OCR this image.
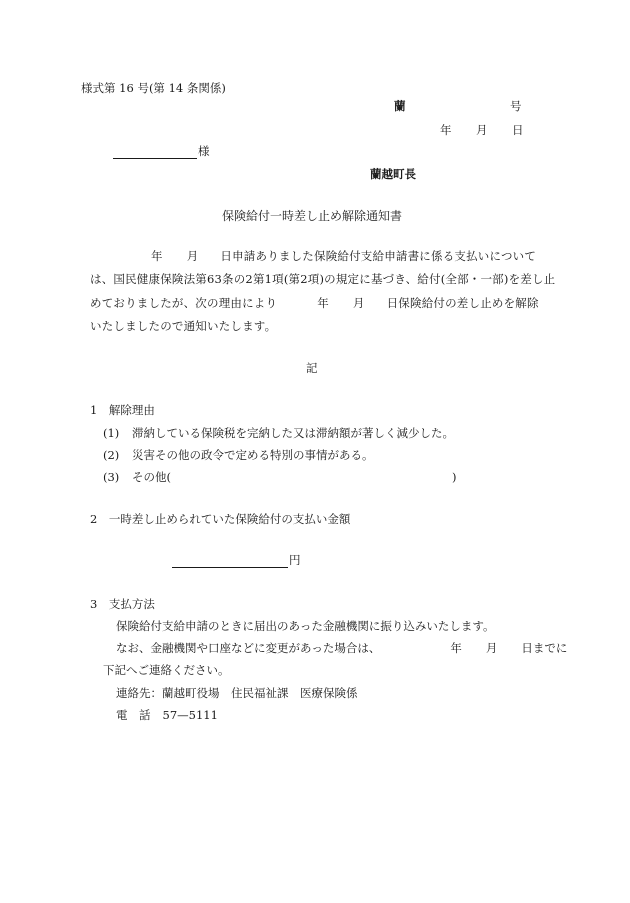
様式第 16 号(第 14 条関係)
蘭	号
年 月 日
様
蘭越町長
保険給付一時差し止め解除通知書
年 月 日申請ありました保険給付支給申請書に係る支払いについて
は、国民健康保険法第63条の2第1項(第2項)の規定に基づき、給付(全部・一部)を差し止
めておりましたが、次の理由により	年 月 日保険給付の差し止めを解除
いたしましたので通知いたします。
記
1　解除理由
(1) 滞納している保険税を完納した又は滞納額が著しく減少した。
(2) 災害その他の政令で定める特別の事情がある。
(3) その他(	)
2　一時差し止められていた保険給付の支払い金額
円
3　支払方法
保険給付支給申請のときに届出のあった金融機関に振り込みいたします。
なお、金融機関や口座などに変更があった場合は、	年 月 日までに
下記へご連絡ください。
連絡先：蘭越町役場　住民福祉課　医療保険係
電　話 57—5111
